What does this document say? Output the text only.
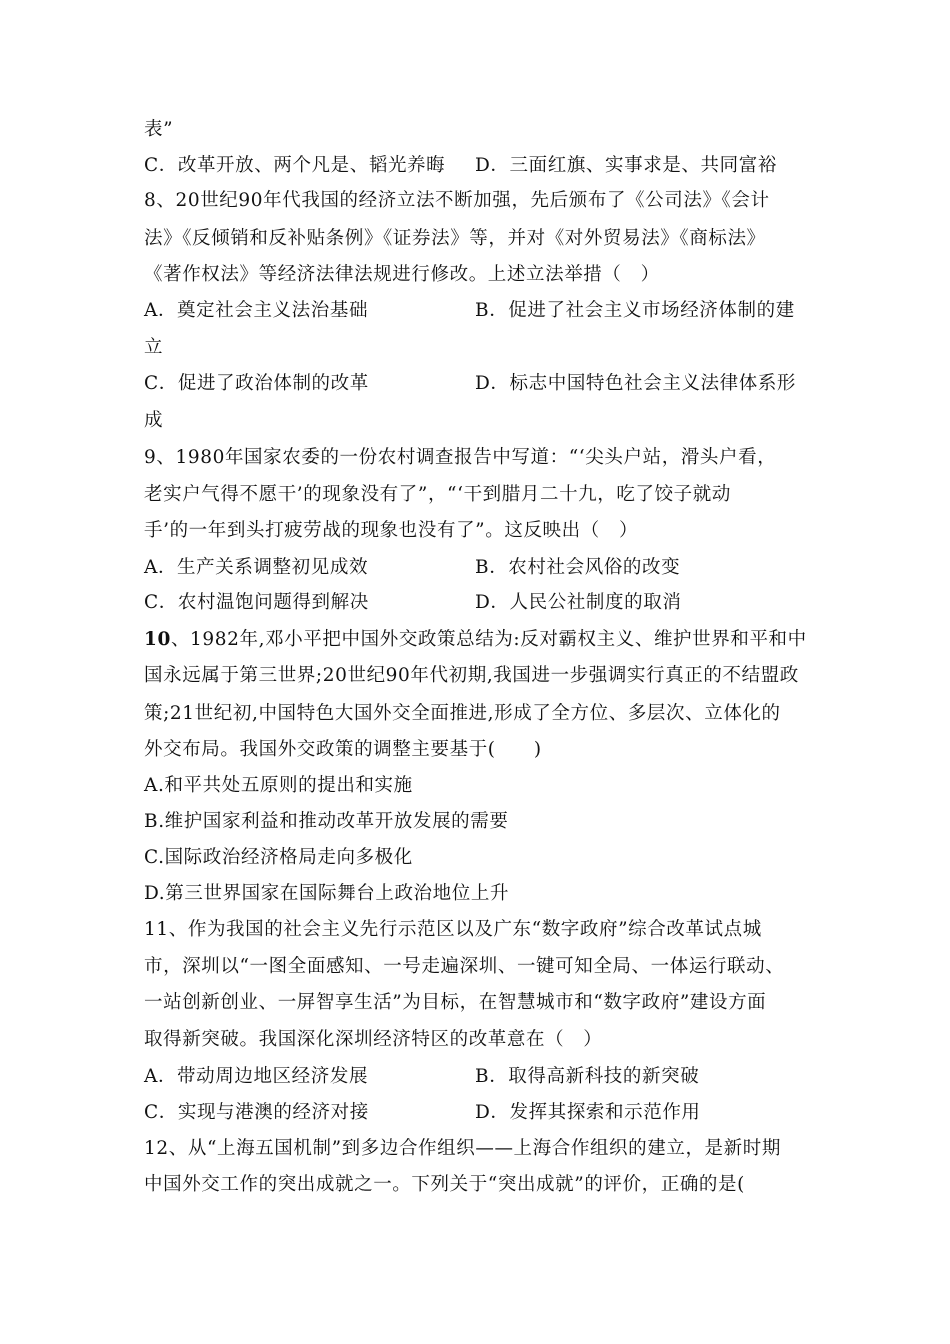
表”
C．改革开放、两个凡是、韬光养晦 D．三面红旗、实事求是、共同富裕
8、20世纪90年代我国的经济立法不断加强，先后颁布了《公司法》《会计
法》《反倾销和反补贴条例》《证券法》等，并对《对外贸易法》《商标法》
《著作权法》等经济法律法规进行修改。上述立法举措（　）
A．奠定社会主义法治基础	B．促进了社会主义市场经济体制的建
立
C．促进了政治体制的改革	D．标志中国特色社会主义法律体系形
成
9、1980年国家农委的一份农村调查报告中写道：“‘尖头户站，滑头户看，
老实户气得不愿干’的现象没有了”，“‘干到腊月二十九，吃了饺子就动
手’的一年到头打疲劳战的现象也没有了”。这反映出（　）
A．生产关系调整初见成效	B．农村社会风俗的改变
C．农村温饱问题得到解决	D．人民公社制度的取消
10、1982年,邓小平把中国外交政策总结为:反对霸权主义、维护世界和平和中
国永远属于第三世界;20世纪90年代初期,我国进一步强调实行真正的不结盟政
策;21世纪初,中国特色大国外交全面推进,形成了全方位、多层次、立体化的
外交布局。我国外交政策的调整主要基于(　　)
A.和平共处五原则的提出和实施
B.维护国家利益和推动改革开放发展的需要
C.国际政治经济格局走向多极化
D.第三世界国家在国际舞台上政治地位上升
11、作为我国的社会主义先行示范区以及广东“数字政府”综合改革试点城
市，深圳以“一图全面感知、一号走遍深圳、一键可知全局、一体运行联动、
一站创新创业、一屏智享生活”为目标，在智慧城市和“数字政府”建设方面
取得新突破。我国深化深圳经济特区的改革意在（　）
A．带动周边地区经济发展	B．取得高新科技的新突破
C．实现与港澳的经济对接	D．发挥其探索和示范作用
12、从“上海五国机制”到多边合作组织——上海合作组织的建立，是新时期
中国外交工作的突出成就之一。下列关于“突出成就”的评价，正确的是(
